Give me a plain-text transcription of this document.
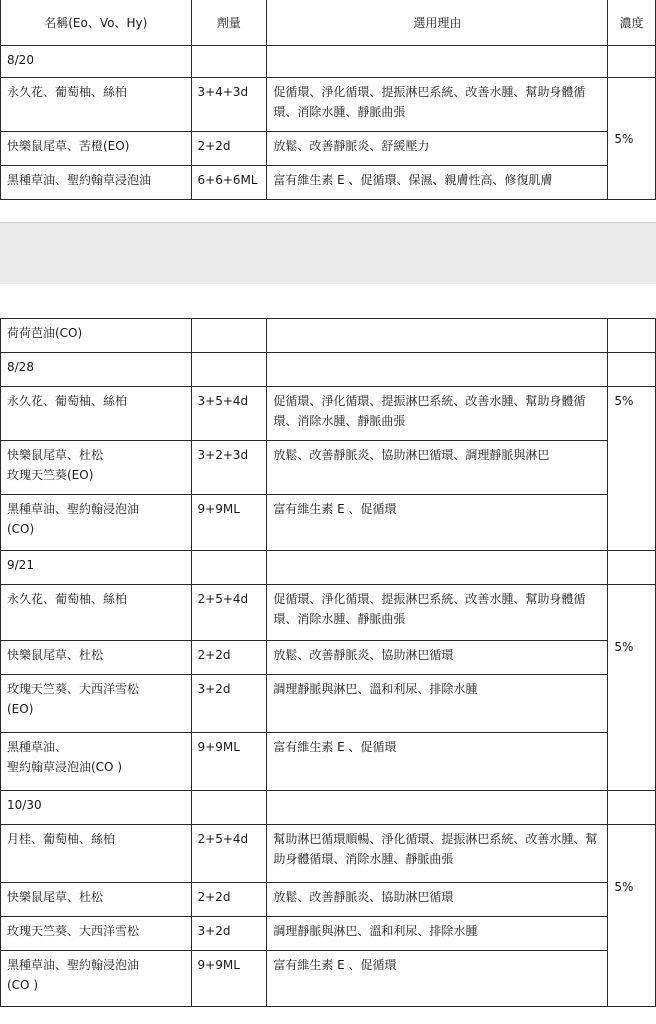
名稱(Eo、Vo、Hy)	劑量	選用理由	濃度
8/20			
永久花、葡萄柚、絲柏	3+4+3d	促循環、淨化循環、提振淋巴系統、改善水腫、幫助身體循環、消除水腫、靜脈曲張	5%
快樂鼠尾草、苦橙(EO)	2+2d	放鬆、改善靜脈炎、舒緩壓力	
黑種草油、聖約翰草浸泡油	6+6+6ML	富有維生素 E 、促循環、保濕、親膚性高、修復肌膚	
荷荷芭油(CO)			
8/28			
永久花、葡萄柚、絲柏	3+5+4d	促循環、淨化循環、提振淋巴系統、改善水腫、幫助身體循環、消除水腫、靜脈曲張	5%

快樂鼠尾草、杜松
玫瑰天竺葵(EO)	3+2+3d	放鬆、改善靜脈炎、協助淋巴循環、調理靜脈與淋巴	

黑種草油、聖約翰浸泡油
(CO)	9+9ML	富有維生素 E 、促循環	
9/21			
永久花、葡萄柚、絲柏	2+5+4d	促循環、淨化循環、提振淋巴系統、改善水腫、幫助身體循環、消除水腫、靜脈曲張	5%
快樂鼠尾草、杜松	2+2d	放鬆、改善靜脈炎、協助淋巴循環	

玫瑰天竺葵、大西洋雪松
(EO)	3+2d	調理靜脈與淋巴、溫和利尿、排除水腫	

黑種草油、
聖約翰草浸泡油(CO )	9+9ML	富有維生素 E 、促循環	
10/30			
月桂、葡萄柚、絲柏	2+5+4d	幫助淋巴循環順暢、淨化循環、提振淋巴系統、改善水腫、幫助身體循環、消除水腫、靜脈曲張	5%
快樂鼠尾草、杜松	2+2d	放鬆、改善靜脈炎、協助淋巴循環	
玫瑰天竺葵、大西洋雪松	3+2d	調理靜脈與淋巴、溫和利尿、排除水腫	

黑種草油、聖約翰浸泡油
(CO )	9+9ML	富有維生素 E 、促循環	
